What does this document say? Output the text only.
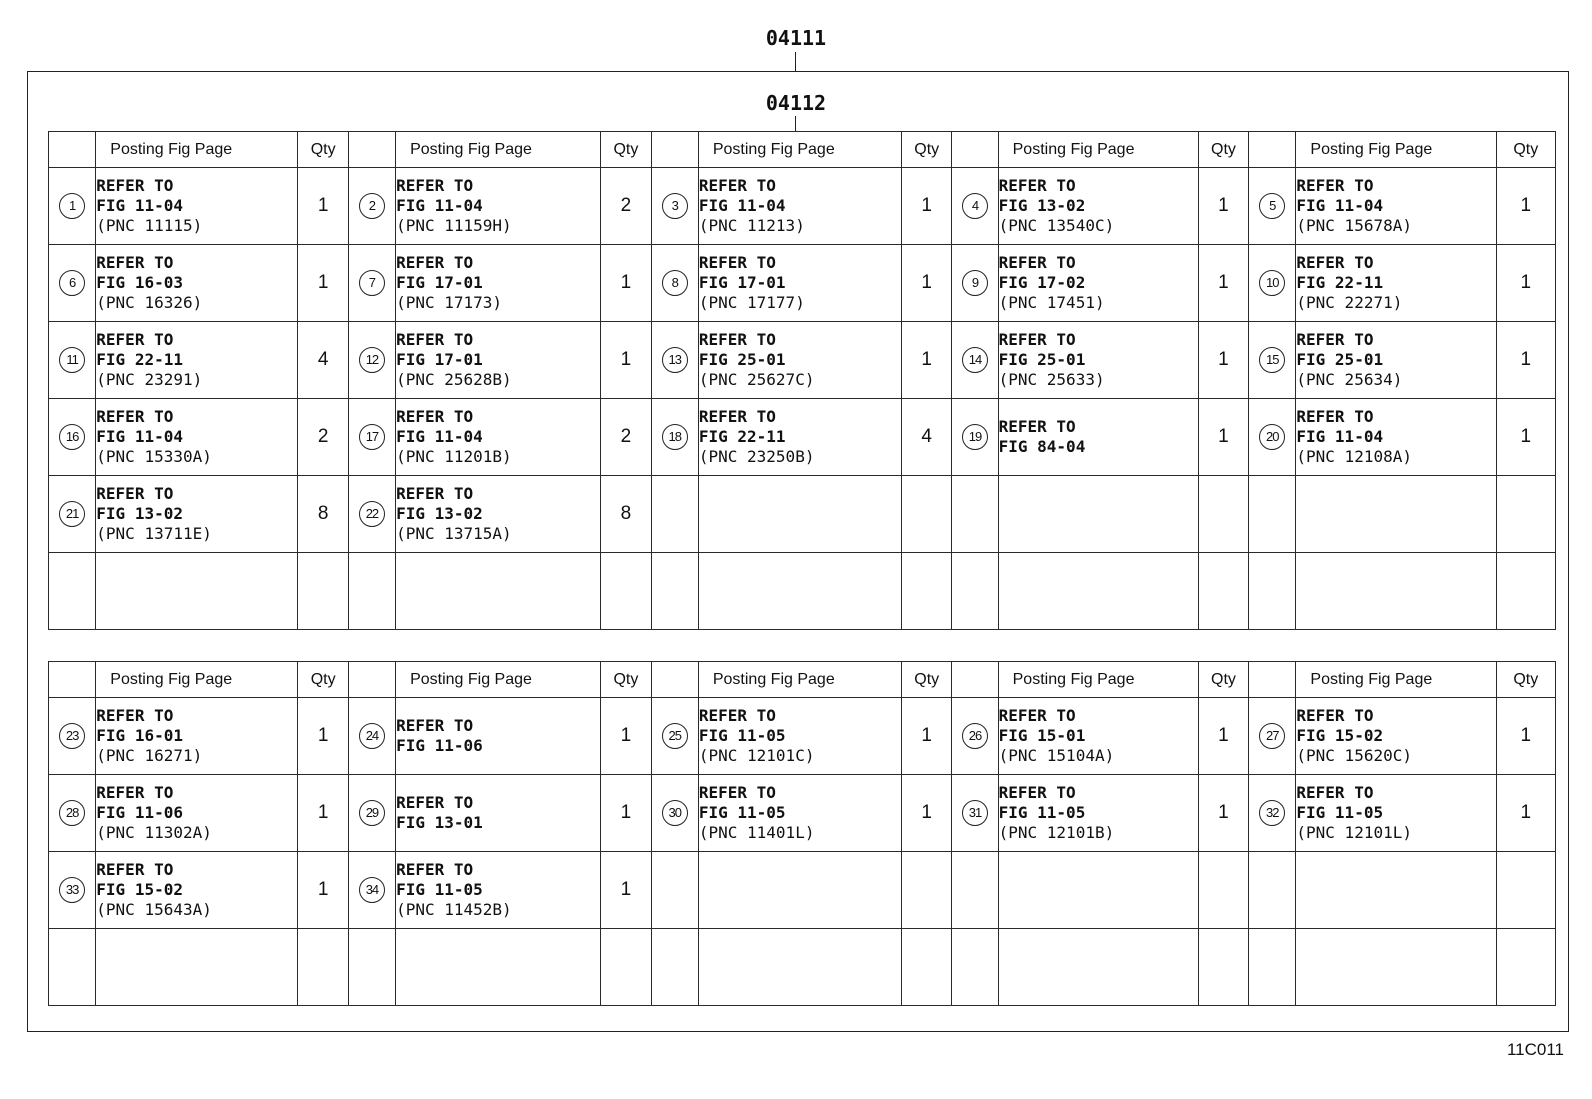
04111
04112
	Posting Fig Page	Qty		Posting Fig Page	Qty		Posting Fig Page	Qty		Posting Fig Page	Qty		Posting Fig Page	Qty
1	REFER TO
FIG 11-04
(PNC 11115)	1	2	REFER TO
FIG 11-04
(PNC 11159H)	2	3	REFER TO
FIG 11-04
(PNC 11213)	1	4	REFER TO
FIG 13-02
(PNC 13540C)	1	5	REFER TO
FIG 11-04
(PNC 15678A)	1
6	REFER TO
FIG 16-03
(PNC 16326)	1	7	REFER TO
FIG 17-01
(PNC 17173)	1	8	REFER TO
FIG 17-01
(PNC 17177)	1	9	REFER TO
FIG 17-02
(PNC 17451)	1	10	REFER TO
FIG 22-11
(PNC 22271)	1
11	REFER TO
FIG 22-11
(PNC 23291)	4	12	REFER TO
FIG 17-01
(PNC 25628B)	1	13	REFER TO
FIG 25-01
(PNC 25627C)	1	14	REFER TO
FIG 25-01
(PNC 25633)	1	15	REFER TO
FIG 25-01
(PNC 25634)	1
16	REFER TO
FIG 11-04
(PNC 15330A)	2	17	REFER TO
FIG 11-04
(PNC 11201B)	2	18	REFER TO
FIG 22-11
(PNC 23250B)	4	19	REFER TO
FIG 84-04	1	20	REFER TO
FIG 11-04
(PNC 12108A)	1
21	REFER TO
FIG 13-02
(PNC 13711E)	8	22	REFER TO
FIG 13-02
(PNC 13715A)	8									

	Posting Fig Page	Qty		Posting Fig Page	Qty		Posting Fig Page	Qty		Posting Fig Page	Qty		Posting Fig Page	Qty
23	REFER TO
FIG 16-01
(PNC 16271)	1	24	REFER TO
FIG 11-06	1	25	REFER TO
FIG 11-05
(PNC 12101C)	1	26	REFER TO
FIG 15-01
(PNC 15104A)	1	27	REFER TO
FIG 15-02
(PNC 15620C)	1
28	REFER TO
FIG 11-06
(PNC 11302A)	1	29	REFER TO
FIG 13-01	1	30	REFER TO
FIG 11-05
(PNC 11401L)	1	31	REFER TO
FIG 11-05
(PNC 12101B)	1	32	REFER TO
FIG 11-05
(PNC 12101L)	1
33	REFER TO
FIG 15-02
(PNC 15643A)	1	34	REFER TO
FIG 11-05
(PNC 11452B)	1									

11C011
